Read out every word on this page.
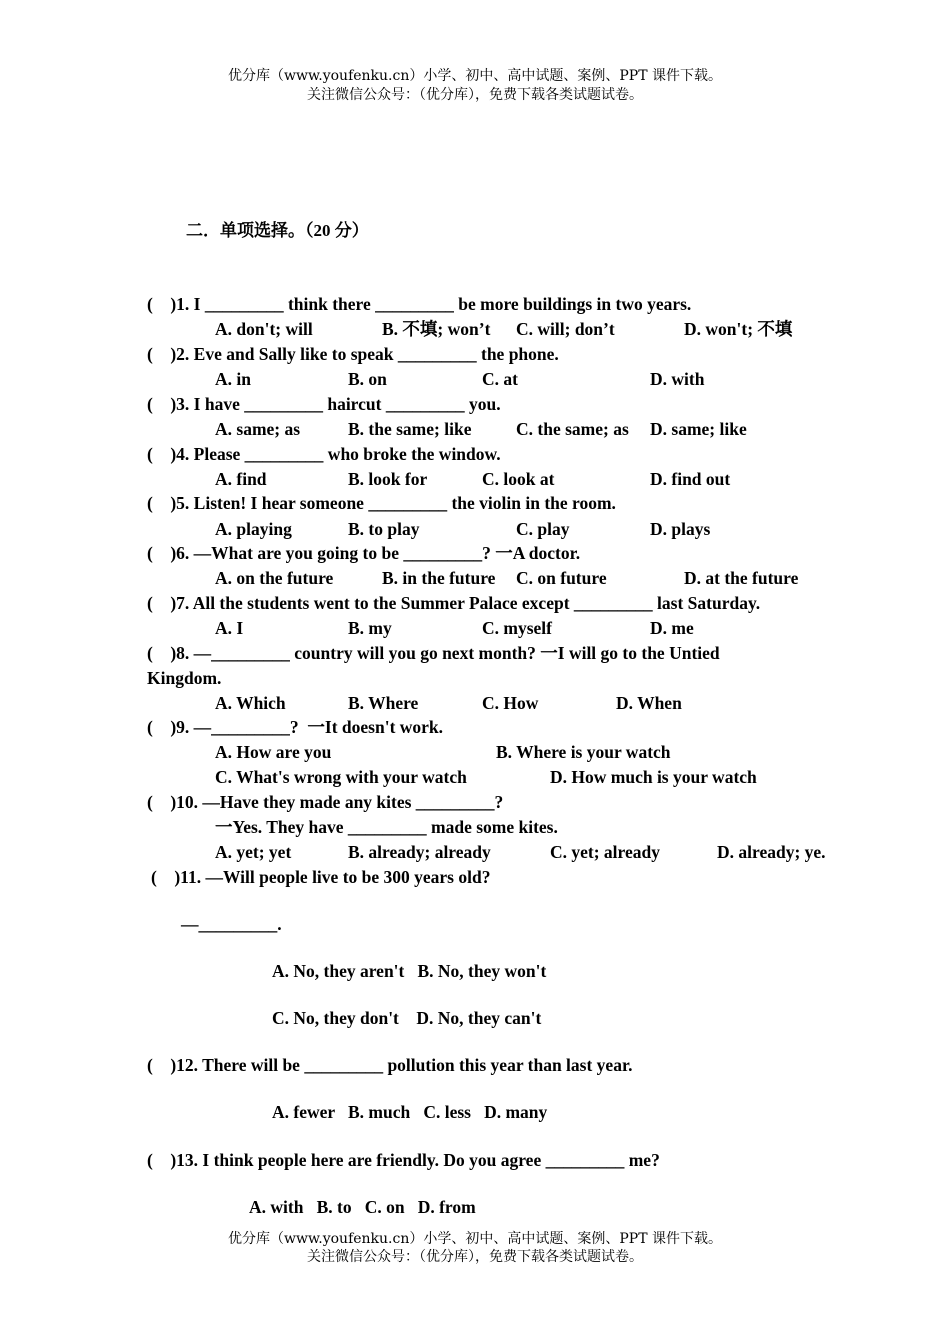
优分库（www.youfenku.cn）小学、初中、高中试题、案例、PPT 课件下载。
关注微信公众号：（优分库），免费下载各类试题试卷。
二．单项选择。（20 分）
(    )1. I _________ think there _________ be more buildings in two years.
A. don't; will	B. 不填; won’t C. will; don’t	D. won't; 不填
(    )2. Eve and Sally like to speak _________ the phone.
A. in	B. on	C. at	D. with
(    )3. I have _________ haircut _________ you.
A. same; as	B. the same; like	C. the same; as D. same; like
(    )4. Please _________ who broke the window.
A. find	B. look for	C. look at	D. find out
(    )5. Listen! I hear someone _________ the violin in the room.
A. playing	B. to play	C. play	D. plays
(    )6. —What are you going to be _________? 一A doctor.
A. on the future	B. in the future C. on future	D. at the future
(    )7. All the students went to the Summer Palace except _________ last Saturday.
A. I	B. my	C. myself	D. me
(    )8. —_________ country will you go next month? 一I will go to the Untied
Kingdom.
A. Which	B. Where	C. How	D. When
(    )9. —_________?  一It doesn't work.
A. How are you	B. Where is your watch
C. What's wrong with your watch	D. How much is your watch
(    )10. —Have they made any kites _________?
一Yes. They have _________ made some kites.
A. yet; yet	B. already; already	C. yet; already	D. already; ye.
(    )11. —Will people live to be 300 years old?
—_________.
A. No, they aren't   B. No, they won't
C. No, they don't    D. No, they can't
(    )12. There will be _________ pollution this year than last year.
A. fewer   B. much   C. less   D. many
(    )13. I think people here are friendly. Do you agree _________ me?
A. with   B. to   C. on   D. from
优分库（www.youfenku.cn）小学、初中、高中试题、案例、PPT 课件下载。
关注微信公众号：（优分库），免费下载各类试题试卷。
